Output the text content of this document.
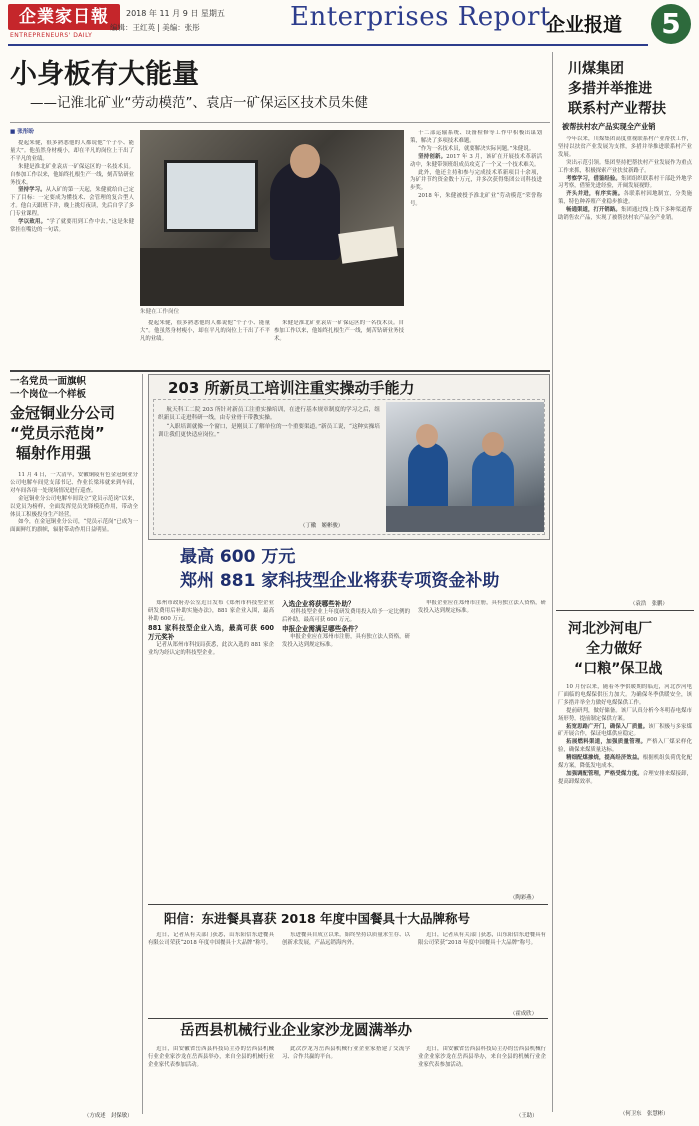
企業家日報
ENTREPRENEURS' DAILY
2018 年 11 月 9 日 星期五
编辑：王红英 | 美编：张彤	Enterprises Report
企业报道	5
小身板有大能量
——记淮北矿业“劳动模范”、袁店一矿保运区技术员朱健
■ 张彤盼

提起朱健，很多熟悉他的人都说他“个子小、能量大”。他虽然身材瘦小，却在平凡的岗位上干出了不平凡的业绩。

朱健是淮北矿业袁店一矿保运区的一名技术员。自参加工作以来，他始终扎根生产一线，刻苦钻研业务技术。

坚持学习。从入矿的第一天起，朱健就给自己定下了目标：一定要成为懂技术、会管理的复合型人才。他白天跟班下井，晚上挑灯夜读，先后自学了多门专业课程。

学以致用。“学了就要用到工作中去。”这是朱健常挂在嘴边的一句话。

朱健在工作岗位

提起朱健，很多熟悉他的人都说他“个子小、能量大”。他虽然身材瘦小，却在平凡的岗位上干出了不平凡的业绩。

朱健是淮北矿业袁店一矿保运区的一名技术员。自参加工作以来，他始终扎根生产一线，刻苦钻研业务技术。

十二部运输系统、设备检修等工作中积极出谋划策，解决了多项技术难题。

“作为一名技术员，就要解决实际问题。”朱健说。

坚持创新。2017 年 3 月，该矿在开展技术革新活动中，朱健带领班组成员攻克了一个又一个技术难关。

此外，他还主持和参与完成技术革新项目十余项，为矿井节约资金数十万元，并多次获得集团公司科技进步奖。

2018 年，朱健被授予淮北矿业“劳动模范”荣誉称号。

川煤集团
多措并举推进
联系村产业帮扶
被帮扶村农产品实现全产业销

今年以来，川煤集团高度重视联系村产业帮扶工作，坚持以扶贫产业发展为支撑，多措并举推进联系村产业发展。

突出示范引领。集团坚持把帮扶村产业发展作为重点工作来抓，积极探索产业扶贫新路子。

考察学习，借鉴经验。集团组织联系村干部赴外地学习考察，借鉴先进经验，开阔发展视野。

齐头并进，有序实施。各联系村因地制宜，分类施策，特色种养殖产业稳步推进。

畅通渠道，打开销路。集团通过线上线下多种渠道帮助销售农产品，实现了被帮扶村农产品全产业销。

（袁浩　张鹏）
河北沙河电厂
全力做好
“口粮”保卫战

10 月份以来，随着冬季供暖期的临近，河北沙河电厂面临的电煤保供压力加大。为确保冬季供暖安全，该厂多措并举全力做好电煤保供工作。

提前研判，做好储备。该厂认真分析今冬明春电煤市场形势，提前制定保供方案。

拓宽思路广开门，确保入厂质量。该厂积极与多家煤矿开展合作，保证电煤供应稳定。

拓展燃料渠道，加强质量管理。严格入厂煤采样化验，确保来煤质量达标。

精细配煤掺烧，提高经济效益。根据机组负荷优化配煤方案，降低发电成本。

加强调配管理，严格受煤力度。合理安排来煤接卸，提高卸煤效率。

（何卫东　张慧彬）
一名党员一面旗帜
一个岗位一个样板
金冠铜业分公司
“党员示范岗”
辐射作用强

11 月 4 日，一大清早，安徽铜陵有色金冠铜业分公司电解车间党支部书记、作业长梁玮就来到车间，对车间各项一处现场情况进行巡查。

金冠铜业分公司电解车间设立“党员示范岗”以来，以党员为榜样，全面发挥党员先锋模范作用，带动全体员工积极投身生产经营。

如今，在金冠铜业分公司，“党员示范岗”已成为一面面鲜红的旗帜，辐射带动作用日益明显。

（方成述　封保敏）
203 所新员工培训注重实操动手能力

航天科工二院 203 所针对新员工注重实操培训，在进行基本规章制度的学习之后，组织新员工走进科研一线，由专业骨干带教实操。

“入职培训就像一个窗口，是刚员工了解单位的一个重要渠道。”新员工说，“这种实操培训让我们更快适应岗位。”

（丁徽　姬彬骏）
最高 600 万元
郑州 881 家科技型企业将获专项资金补助

郑州市政府办公室近日发布《郑州市科技型企业研发费用后补助实施办法》，881 家企业入围，最高补助 600 万元。

881 家科技型企业入选，最高可获 600 万元奖补

记者从郑州市科技局获悉，此次入选的 881 家企业均为经认定的科技型企业。

入选企业将获哪些补助？

对科技型企业上年度研发费用投入给予一定比例的后补助，最高可获 600 万元。

申报企业需满足哪些条件？

申报企业应在郑州市注册，具有独立法人资格，研发投入达到规定标准。

申报企业应在郑州市注册，具有独立法人资格，研发投入达到规定标准。

（陶彩燕）
阳信：东进餐具喜获 2018 年度中国餐具十大品牌称号

近日，记者从有关部门获悉，山东阳信东进餐具有限公司荣获“2018 年度中国餐具十大品牌”称号。

东进餐具自成立以来，始终坚持以质量求生存、以创新求发展，产品远销海内外。

近日，记者从有关部门获悉，山东阳信东进餐具有限公司荣获“2018 年度中国餐具十大品牌”称号。

（霍成欣）
岳西县机械行业企业家沙龙圆满举办

近日，由安徽省岳西县科技局主办的岳西县机械行业企业家沙龙在岳西县举办，来自全县的机械行业企业家代表参加活动。

此次沙龙为岳西县机械行业企业家搭建了交流学习、合作共赢的平台。

近日，由安徽省岳西县科技局主办的岳西县机械行业企业家沙龙在岳西县举办，来自全县的机械行业企业家代表参加活动。

（王助）
